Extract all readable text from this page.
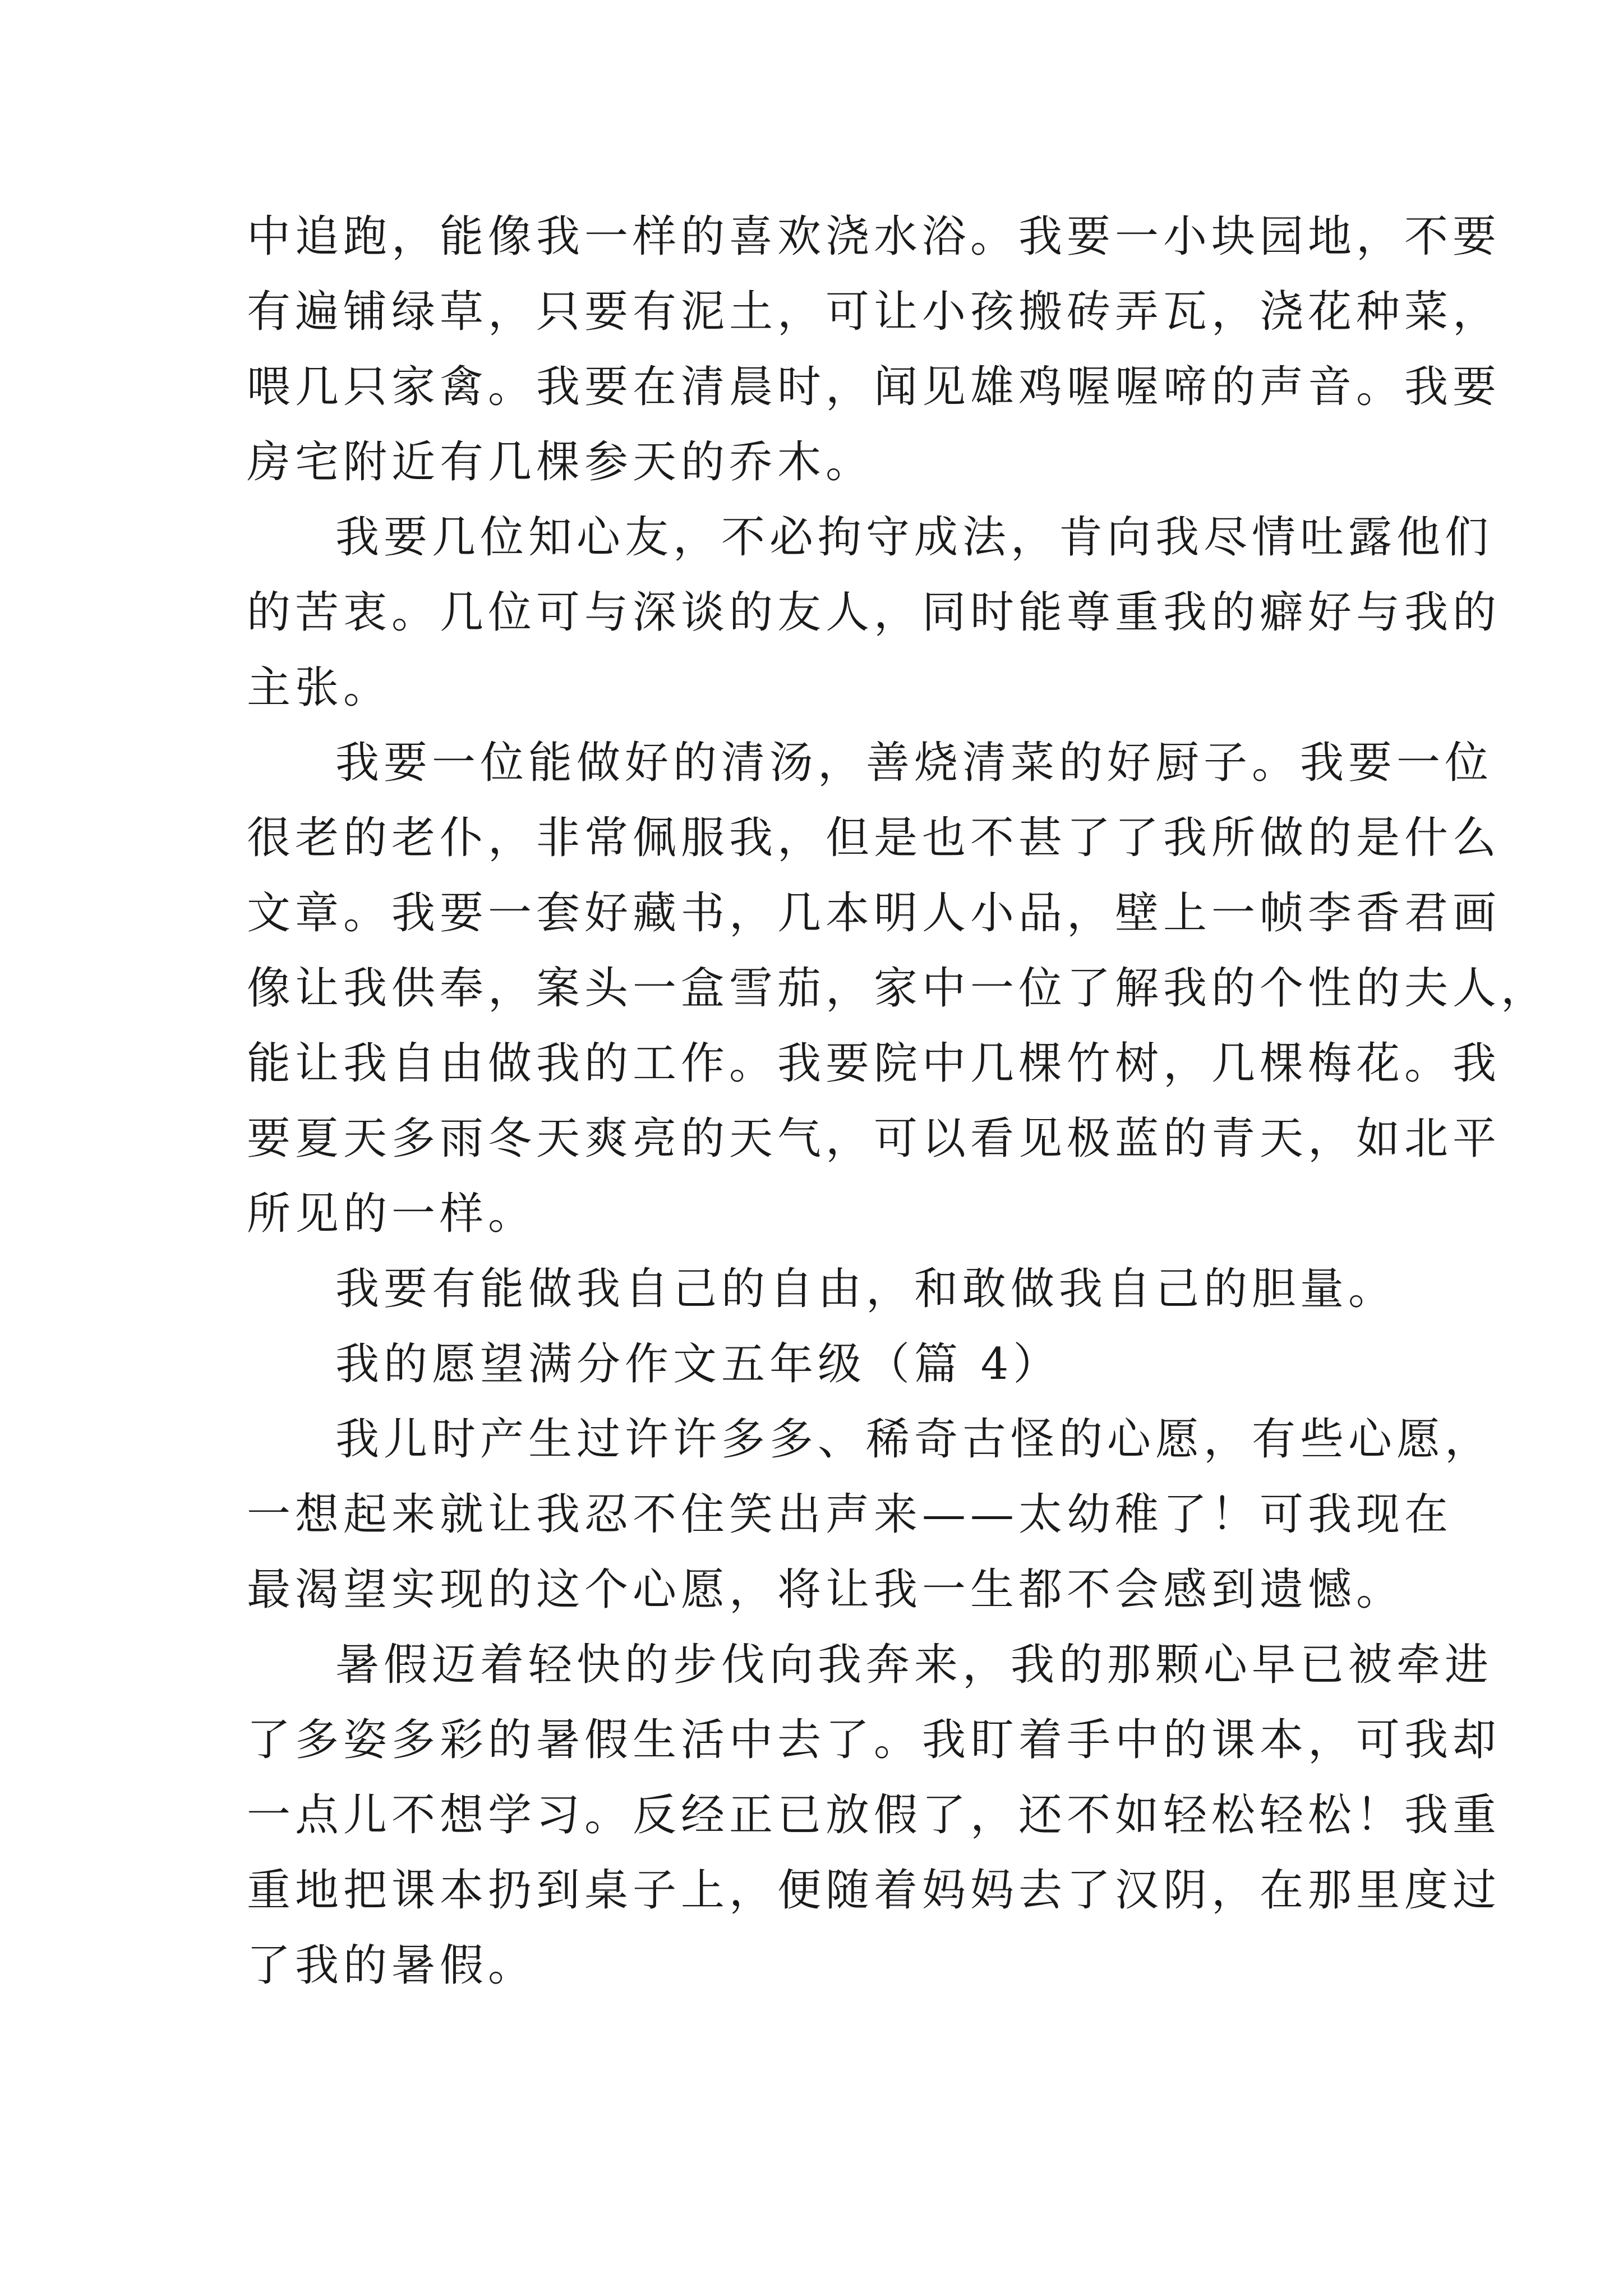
中追跑，能像我一样的喜欢浇水浴。我要一小块园地，不要
有遍铺绿草，只要有泥土，可让小孩搬砖弄瓦，浇花种菜，
喂几只家禽。我要在清晨时，闻见雄鸡喔喔啼的声音。我要
房宅附近有几棵参天的乔木。
我要几位知心友，不必拘守成法，肯向我尽情吐露他们
的苦衷。几位可与深谈的友人，同时能尊重我的癖好与我的
主张。
我要一位能做好的清汤，善烧清菜的好厨子。我要一位
很老的老仆，非常佩服我，但是也不甚了了我所做的是什么
文章。我要一套好藏书，几本明人小品，壁上一帧李香君画
像让我供奉，案头一盒雪茄，家中一位了解我的个性的夫人，
能让我自由做我的工作。我要院中几棵竹树，几棵梅花。我
要夏天多雨冬天爽亮的天气，可以看见极蓝的青天，如北平
所见的一样。
我要有能做我自己的自由，和敢做我自己的胆量。
我的愿望满分作文五年级（篇 4）
我儿时产生过许许多多、稀奇古怪的心愿，有些心愿，
一想起来就让我忍不住笑出声来——太幼稚了！可我现在
最渴望实现的这个心愿，将让我一生都不会感到遗憾。
暑假迈着轻快的步伐向我奔来，我的那颗心早已被牵进
了多姿多彩的暑假生活中去了。我盯着手中的课本，可我却
一点儿不想学习。反经正已放假了，还不如轻松轻松！我重
重地把课本扔到桌子上，便随着妈妈去了汉阴，在那里度过
了我的暑假。
